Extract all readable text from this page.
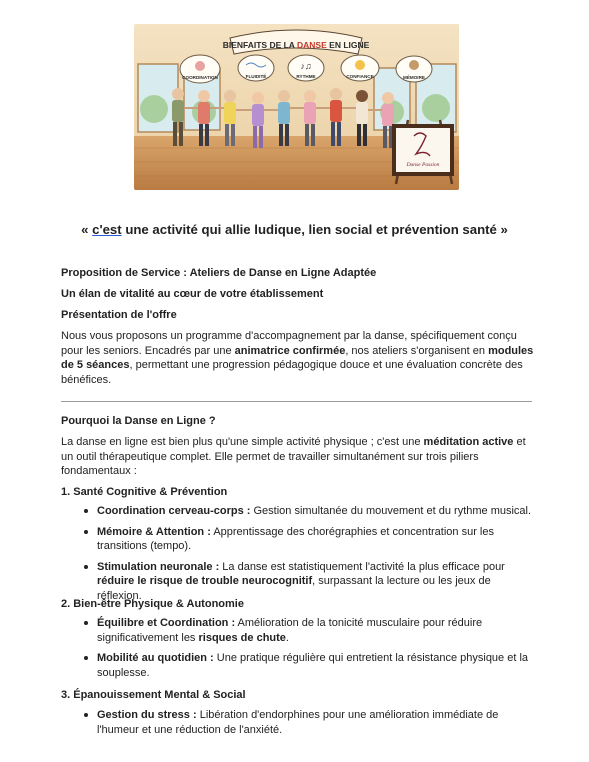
BIENFAITS DE LA DANSE EN LIGNE
COORDINATION	FLUIDITÉ	RYTHME
♪♫
CONFIANCE	MÉMOIRE
Danse Passion
« c'est une activité qui allie ludique, lien social et prévention santé »
Proposition de Service : Ateliers de Danse en Ligne Adaptée
Un élan de vitalité au cœur de votre établissement
Présentation de l'offre
Nous vous proposons un programme d'accompagnement par la danse, spécifiquement conçu pour les seniors. Encadrés par une animatrice confirmée, nos ateliers s'organisent en modules de 5 séances, permettant une progression pédagogique douce et une évaluation concrète des bénéfices.
Pourquoi la Danse en Ligne ?
La danse en ligne est bien plus qu'une simple activité physique ; c'est une méditation active et un outil thérapeutique complet. Elle permet de travailler simultanément sur trois piliers fondamentaux :
1. Santé Cognitive & Prévention
Coordination cerveau-corps : Gestion simultanée du mouvement et du rythme musical.
Mémoire & Attention : Apprentissage des chorégraphies et concentration sur les transitions (tempo).
Stimulation neuronale : La danse est statistiquement l'activité la plus efficace pour réduire le risque de trouble neurocognitif, surpassant la lecture ou les jeux de réflexion.
2. Bien-être Physique & Autonomie
Équilibre et Coordination : Amélioration de la tonicité musculaire pour réduire significativement les risques de chute.
Mobilité au quotidien : Une pratique régulière qui entretient la résistance physique et la souplesse.
3. Épanouissement Mental & Social
Gestion du stress : Libération d'endorphines pour une amélioration immédiate de l'humeur et une réduction de l'anxiété.
